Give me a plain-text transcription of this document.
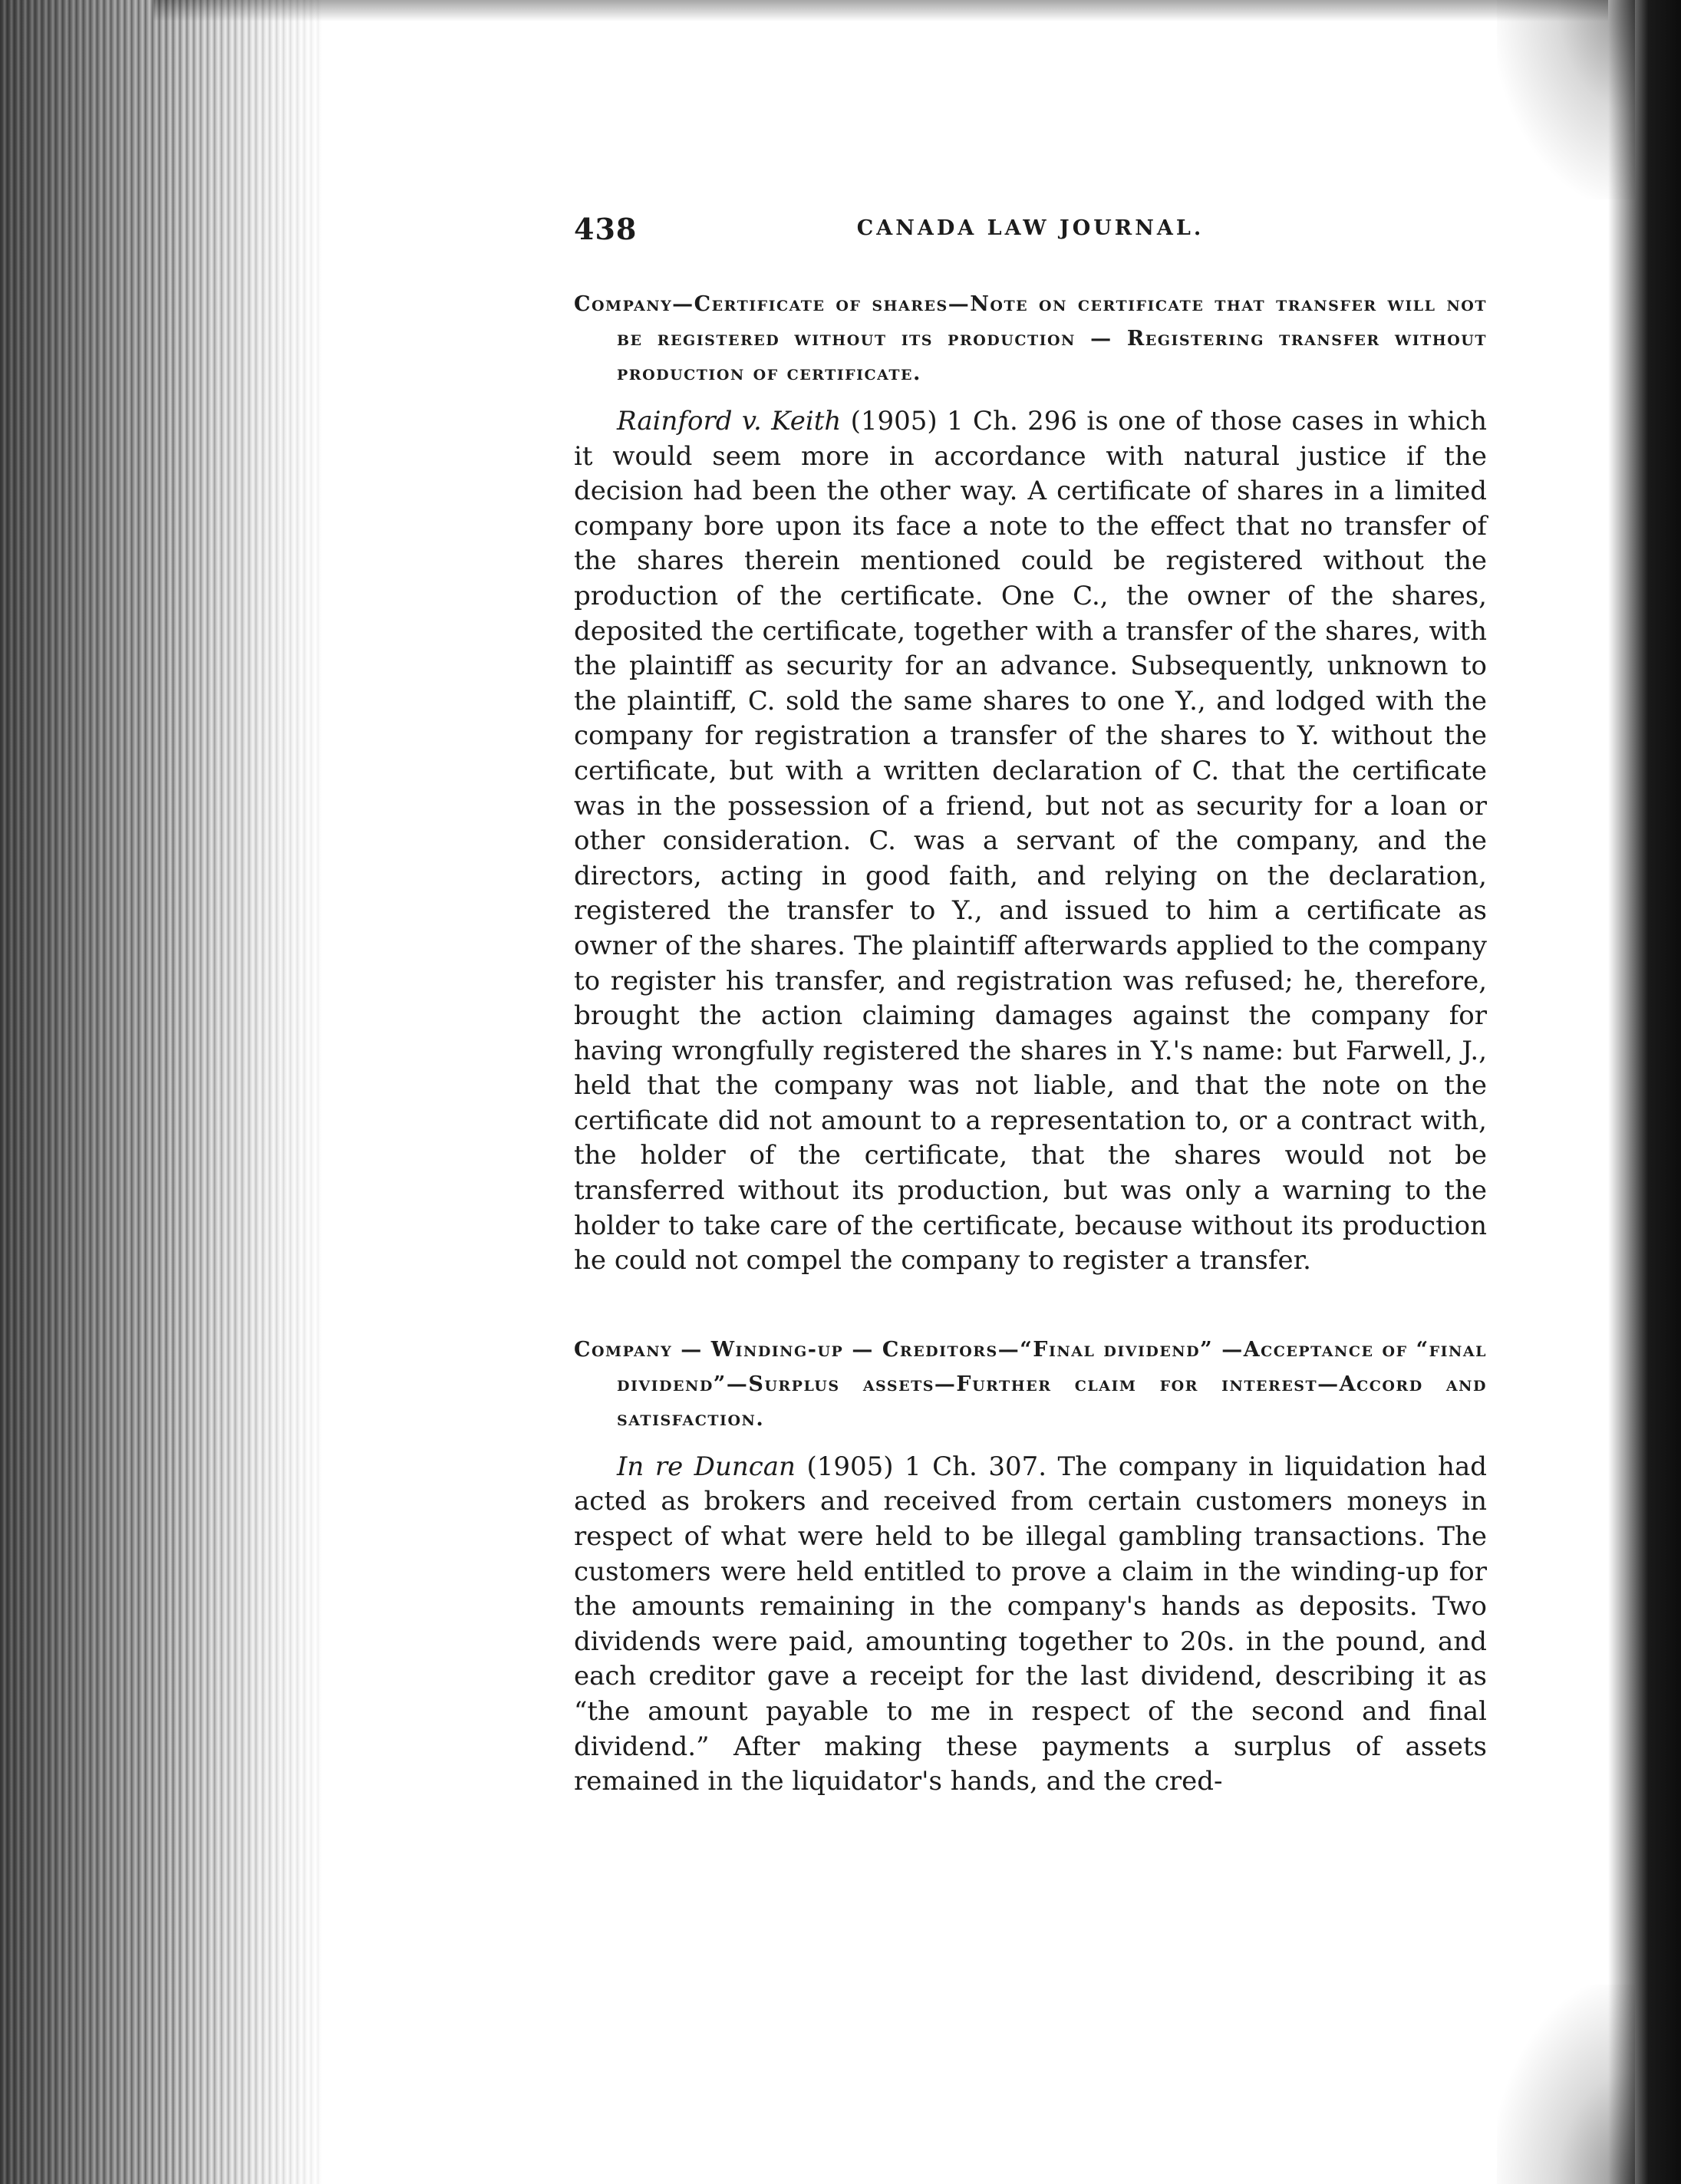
438	CANADA LAW JOURNAL.

Company—Certificate of shares—Note on certificate that transfer will not be registered without its production — Registering transfer without production of certificate.

Rainford v. Keith (1905) 1 Ch. 296 is one of those cases in which it would seem more in accordance with natural justice if the decision had been the other way. A certificate of shares in a limited company bore upon its face a note to the effect that no transfer of the shares therein mentioned could be registered without the production of the certificate. One C., the owner of the shares, deposited the certificate, together with a transfer of the shares, with the plaintiff as security for an advance. Subsequently, unknown to the plaintiff, C. sold the same shares to one Y., and lodged with the company for registration a transfer of the shares to Y. without the certificate, but with a written declaration of C. that the certificate was in the possession of a friend, but not as security for a loan or other consideration. C. was a servant of the company, and the directors, acting in good faith, and relying on the declaration, registered the transfer to Y., and issued to him a certificate as owner of the shares. The plaintiff afterwards applied to the company to register his transfer, and registration was refused; he, therefore, brought the action claiming damages against the company for having wrongfully registered the shares in Y.'s name: but Farwell, J., held that the company was not liable, and that the note on the certificate did not amount to a representation to, or a contract with, the holder of the certificate, that the shares would not be transferred without its production, but was only a warning to the holder to take care of the certificate, because without its production he could not compel the company to register a transfer.

Company — Winding-up — Creditors—“Final dividend” —Acceptance of “final dividend”—Surplus assets—Further claim for interest—Accord and satisfaction.

In re Duncan (1905) 1 Ch. 307. The company in liquidation had acted as brokers and received from certain customers moneys in respect of what were held to be illegal gambling transactions. The customers were held entitled to prove a claim in the winding-up for the amounts remaining in the company's hands as deposits. Two dividends were paid, amounting together to 20s. in the pound, and each creditor gave a receipt for the last dividend, describing it as “the amount payable to me in respect of the second and final dividend.” After making these payments a surplus of assets remained in the liquidator's hands, and the cred-
